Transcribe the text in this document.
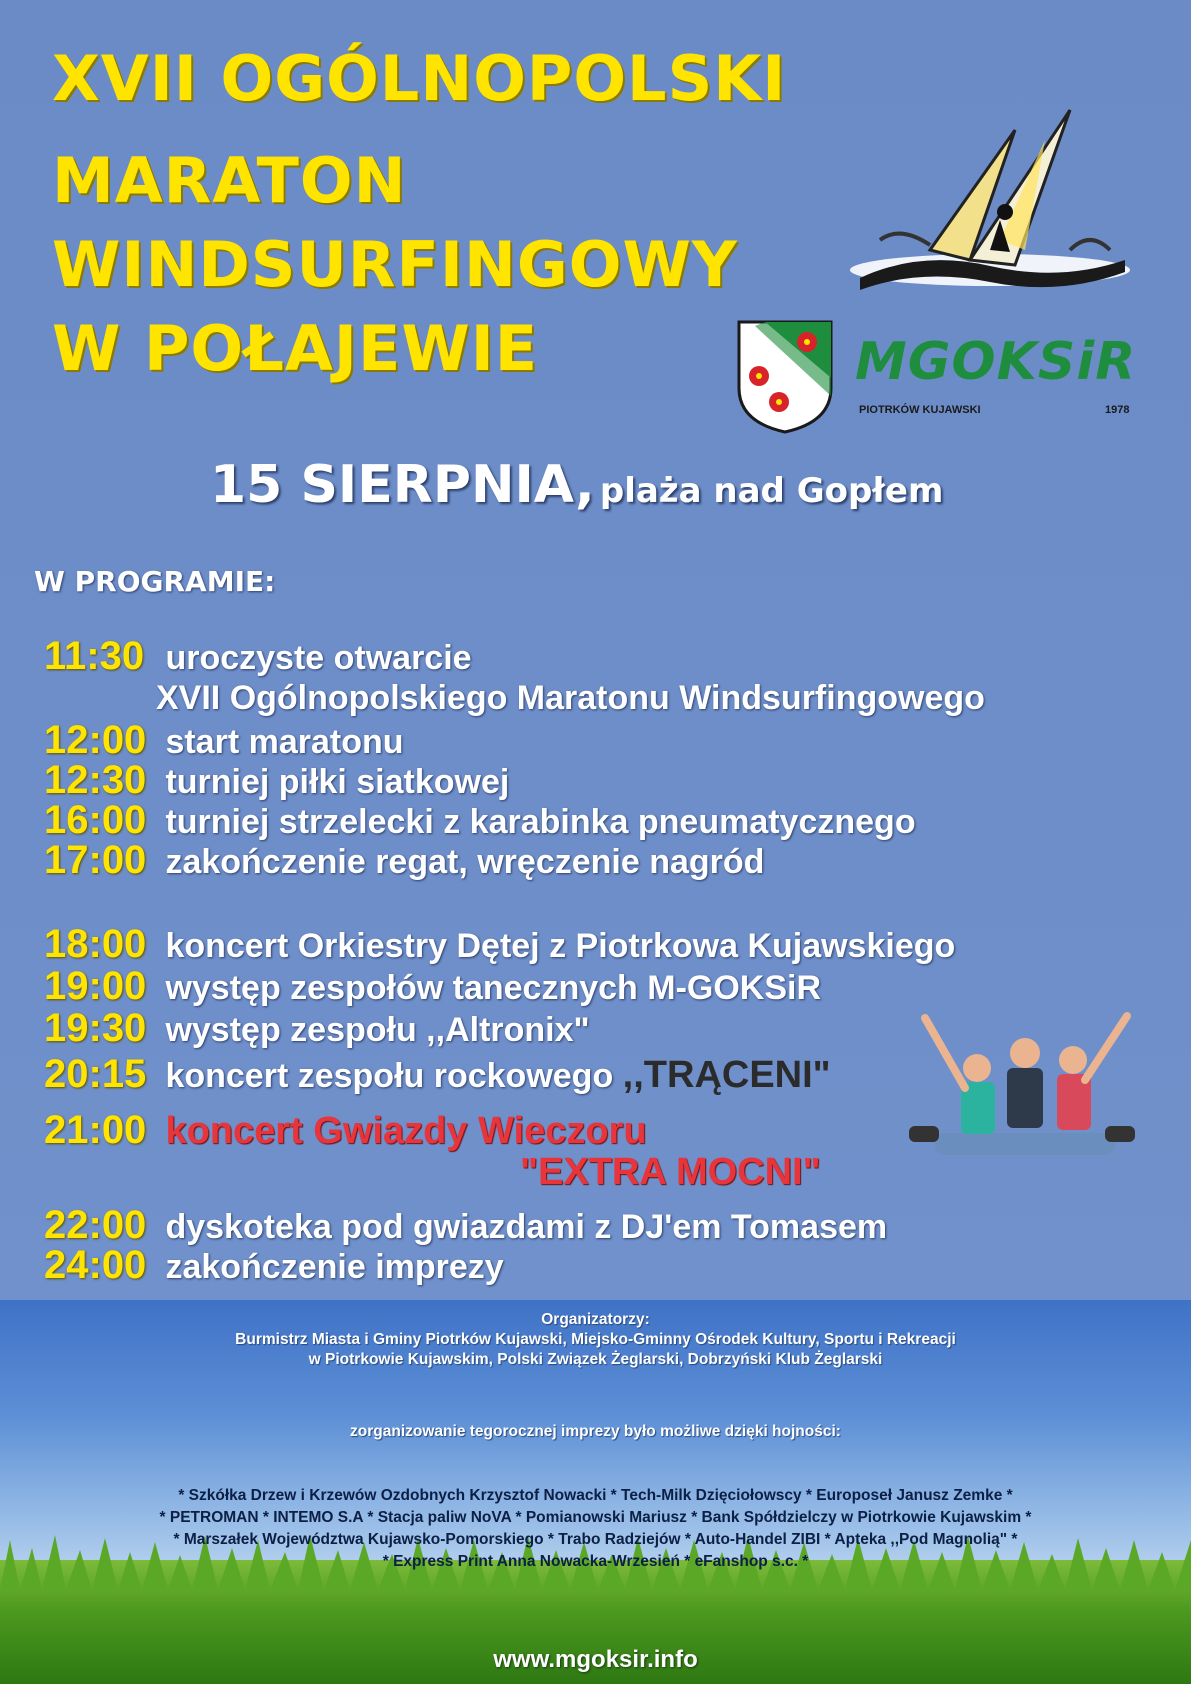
XVII OGÓLNOPOLSKI
MARATON
WINDSURFINGOWY
W POŁAJEWIE	MGOKSiR
PIOTRKÓW KUJAWSKI	1978
15 SIERPNIA, plaża nad Gopłem
W PROGRAMIE:
11:30 uroczyste otwarcie
XVII Ogólnopolskiego Maratonu Windsurfingowego
12:00 start maratonu
12:30 turniej piłki siatkowej
16:00 turniej strzelecki z karabinka pneumatycznego
17:00 zakończenie regat, wręczenie nagród
18:00 koncert Orkiestry Dętej z Piotrkowa Kujawskiego
19:00 występ zespołów tanecznych M-GOKSiR
19:30 występ zespołu ,,Altronix"
20:15 koncert zespołu rockowego ,,TRĄCENI"
21:00 koncert Gwiazdy Wieczoru
"EXTRA MOCNI"
22:00 dyskoteka pod gwiazdami z DJ'em Tomasem
24:00 zakończenie imprezy
Organizatorzy:
Burmistrz Miasta i Gminy Piotrków Kujawski, Miejsko-Gminny Ośrodek Kultury, Sportu i Rekreacji
w Piotrkowie Kujawskim, Polski Związek Żeglarski, Dobrzyński Klub Żeglarski
zorganizowanie tegorocznej imprezy było możliwe dzięki hojności:
* Szkółka Drzew i Krzewów Ozdobnych Krzysztof Nowacki * Tech-Milk Dzięciołowscy * Europoseł Janusz Zemke *
* PETROMAN * INTEMO S.A * Stacja paliw NoVA * Pomianowski Mariusz * Bank Spółdzielczy w Piotrkowie Kujawskim *
* Marszałek Województwa Kujawsko-Pomorskiego * Trabo Radziejów * Auto-Handel ZIBI * Apteka ,,Pod Magnolią" *
* Express Print Anna Nowacka-Wrzesień * eFanshop s.c. *
www.mgoksir.info
